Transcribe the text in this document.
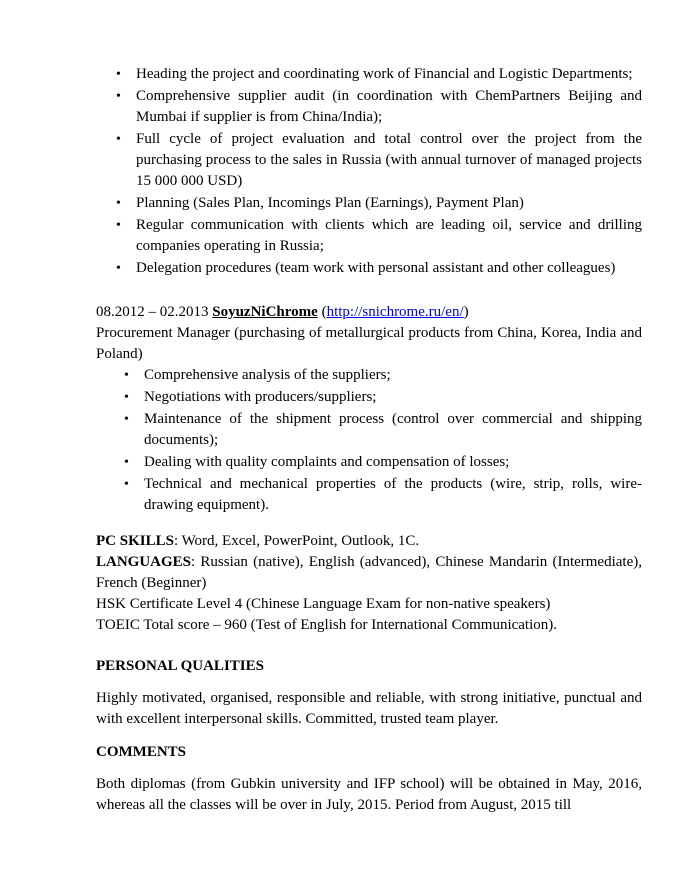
• Heading the project and coordinating work of Financial and Logistic Departments;
• Comprehensive supplier audit (in coordination with ChemPartners Beijing and Mumbai if supplier is from China/India);
• Full cycle of project evaluation and total control over the project from the purchasing process to the sales in Russia (with annual turnover of managed projects 15 000 000 USD)
• Planning (Sales Plan, Incomings Plan (Earnings), Payment Plan)
• Regular communication with clients which are leading oil, service and drilling companies operating in Russia;
• Delegation procedures (team work with personal assistant and other colleagues)
08.2012 – 02.2013 SoyuzNiChrome (http://snichrome.ru/en/)
Procurement Manager (purchasing of metallurgical products from China, Korea, India and Poland)
• Comprehensive analysis of the suppliers;
• Negotiations with producers/suppliers;
• Maintenance of the shipment process (control over commercial and shipping documents);
• Dealing with quality complaints and compensation of losses;
• Technical and mechanical properties of the products (wire, strip, rolls, wire-drawing equipment).
PC SKILLS: Word, Excel, PowerPoint, Outlook, 1C.
LANGUAGES: Russian (native), English (advanced), Chinese Mandarin (Intermediate), French (Beginner)
HSK Certificate Level 4 (Chinese Language Exam for non-native speakers)
TOEIC Total score – 960 (Test of English for International Communication).
PERSONAL QUALITIES
Highly motivated, organised, responsible and reliable, with strong initiative, punctual and with excellent interpersonal skills. Committed, trusted team player.
COMMENTS
Both diplomas (from Gubkin university and IFP school) will be obtained in May, 2016, whereas all the classes will be over in July, 2015. Period from August, 2015 till
